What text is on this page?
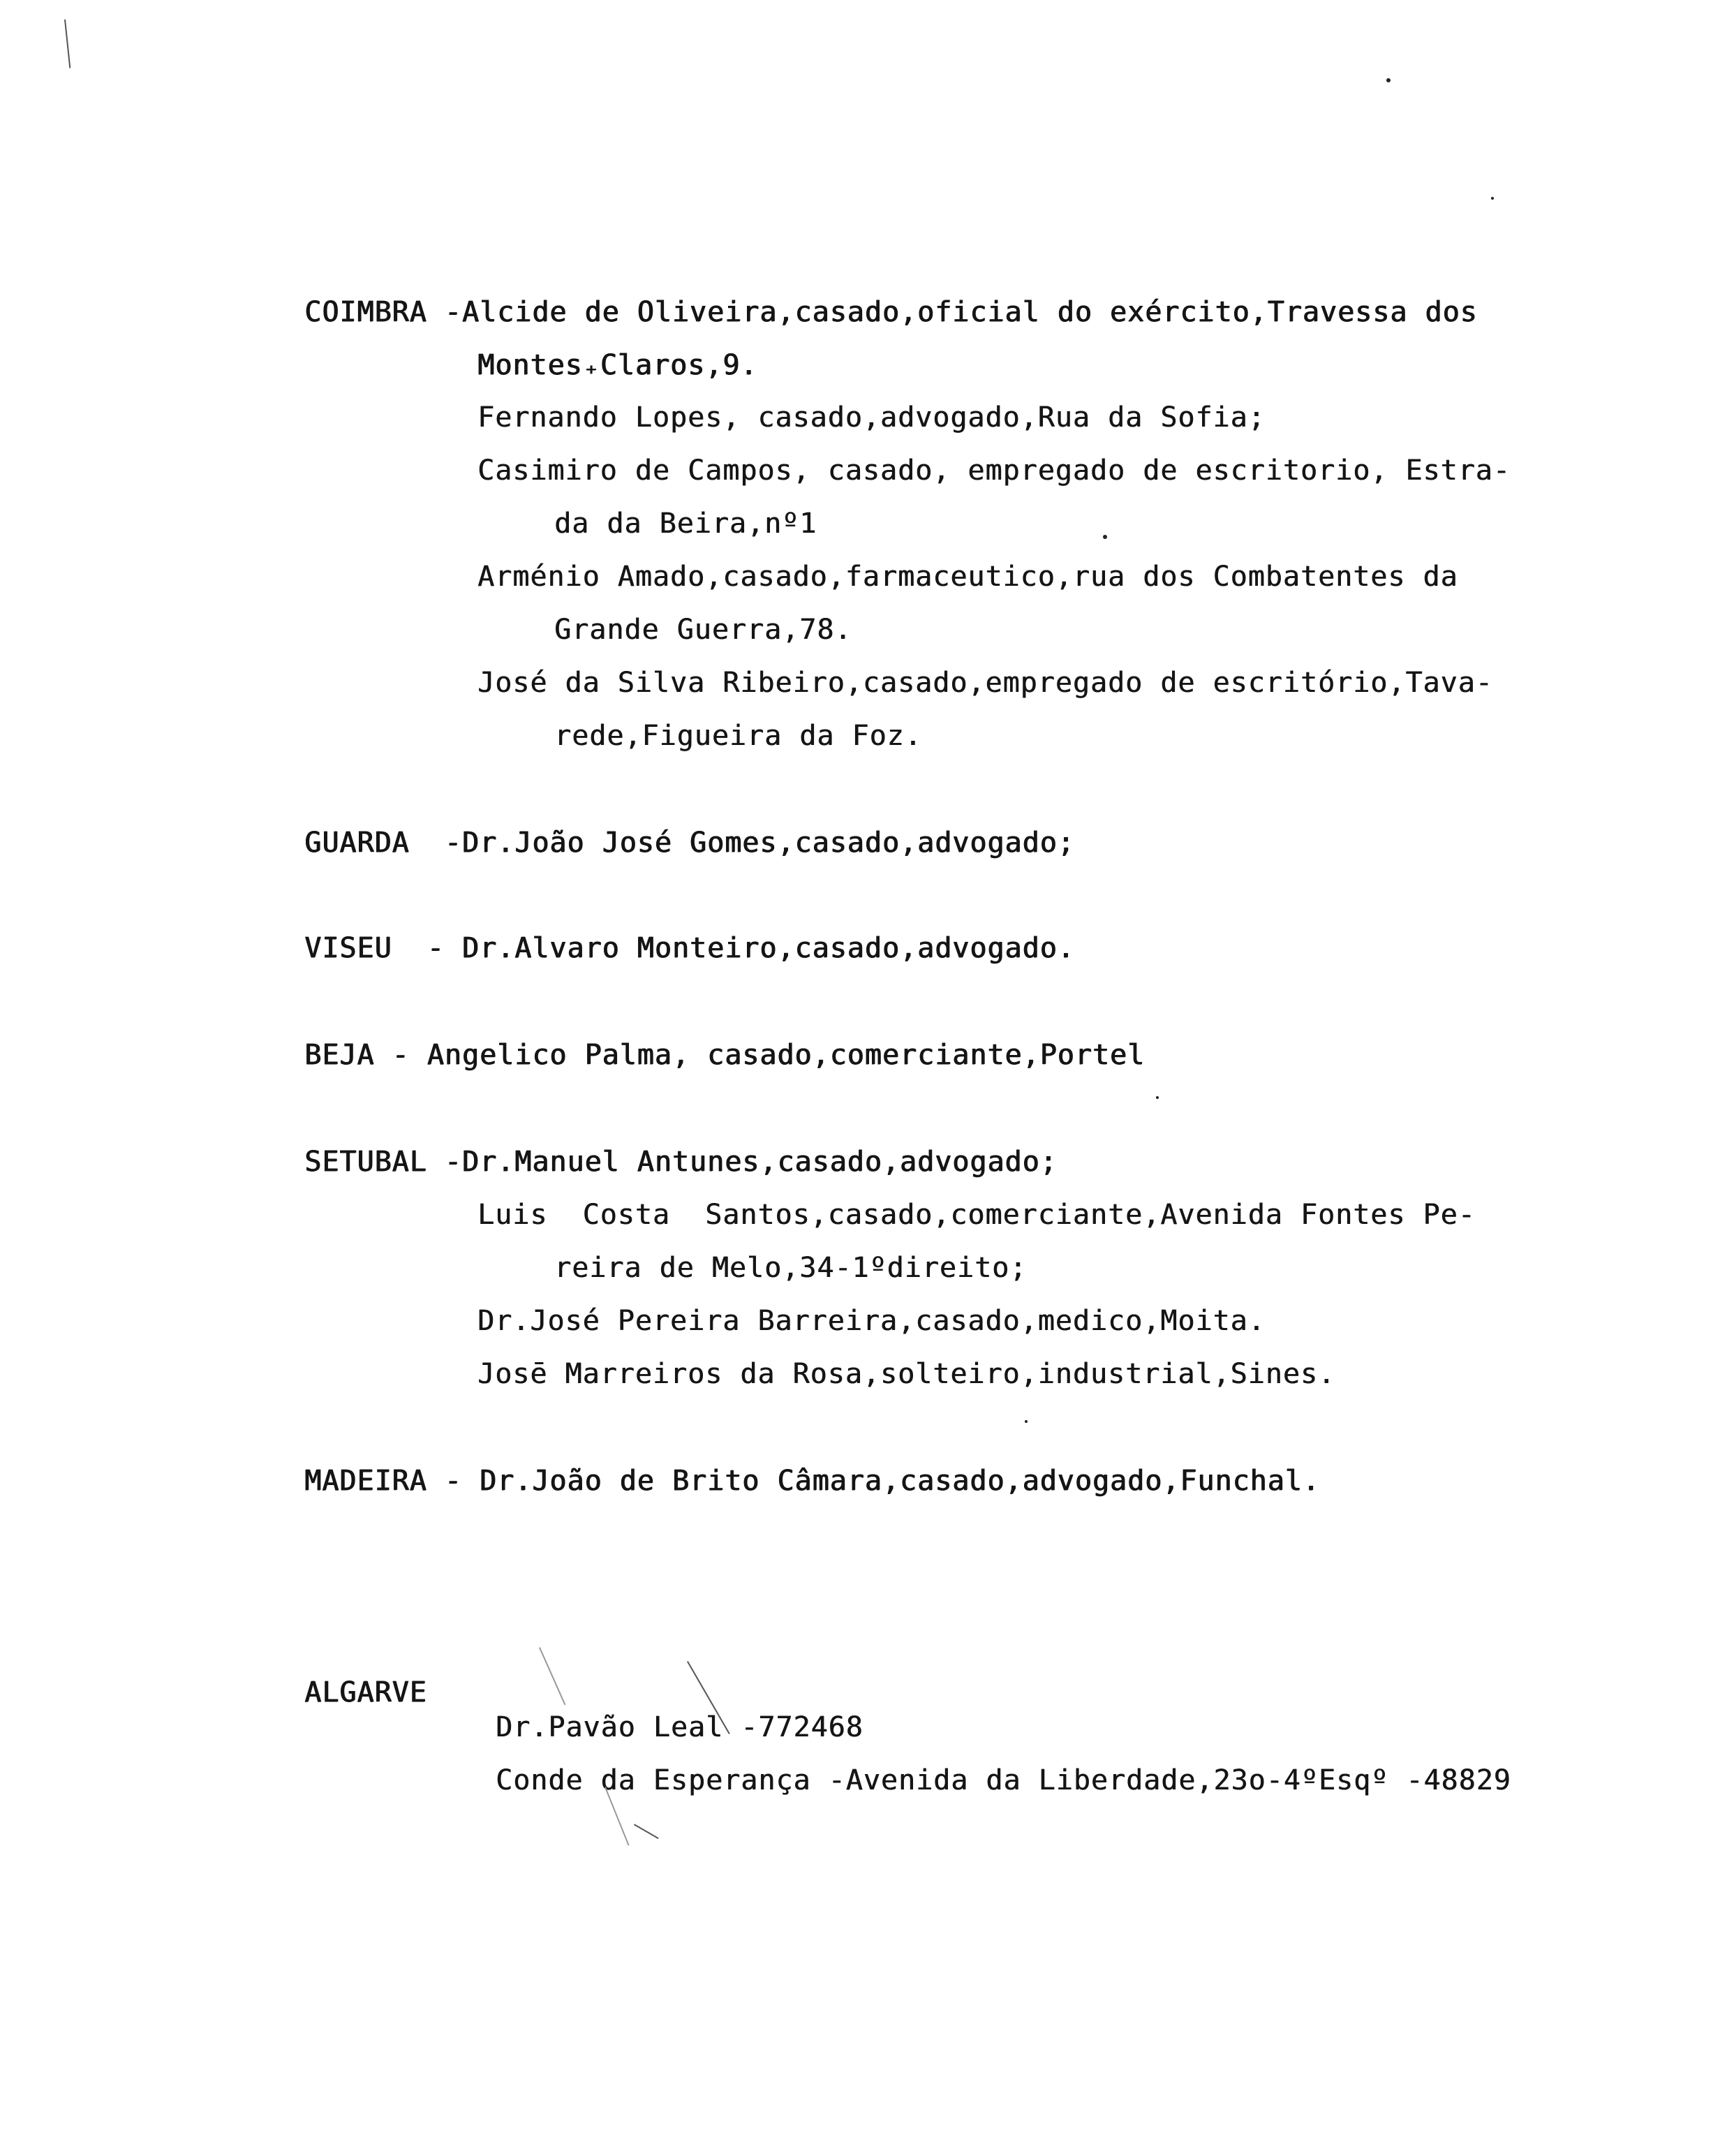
COIMBRA -Alcide de Oliveira,casado,oficial do exército,Travessa dos
Montes₊Claros,9.
Fernando Lopes, casado,advogado,Rua da Sofia;
Casimiro de Campos, casado, empregado de escritorio, Estra-
da da Beira,nº1
Arménio Amado,casado,farmaceutico,rua dos Combatentes da
Grande Guerra,78.
José da Silva Ribeiro,casado,empregado de escritório,Tava-
rede,Figueira da Foz.
GUARDA  -Dr.João José Gomes,casado,advogado;
VISEU  - Dr.Alvaro Monteiro,casado,advogado.
BEJA - Angelico Palma, casado,comerciante,Portel
SETUBAL -Dr.Manuel Antunes,casado,advogado;
Luis  Costa  Santos,casado,comerciante,Avenida Fontes Pe-
reira de Melo,34-1ºdireito;
Dr.José Pereira Barreira,casado,medico,Moita.
Josē Marreiros da Rosa,solteiro,industrial,Sines.
MADEIRA - Dr.João de Brito Câmara,casado,advogado,Funchal.
ALGARVE
Dr.Pavão Leal -772468
Conde da Esperança -Avenida da Liberdade,23o-4ºEsqº -48829
